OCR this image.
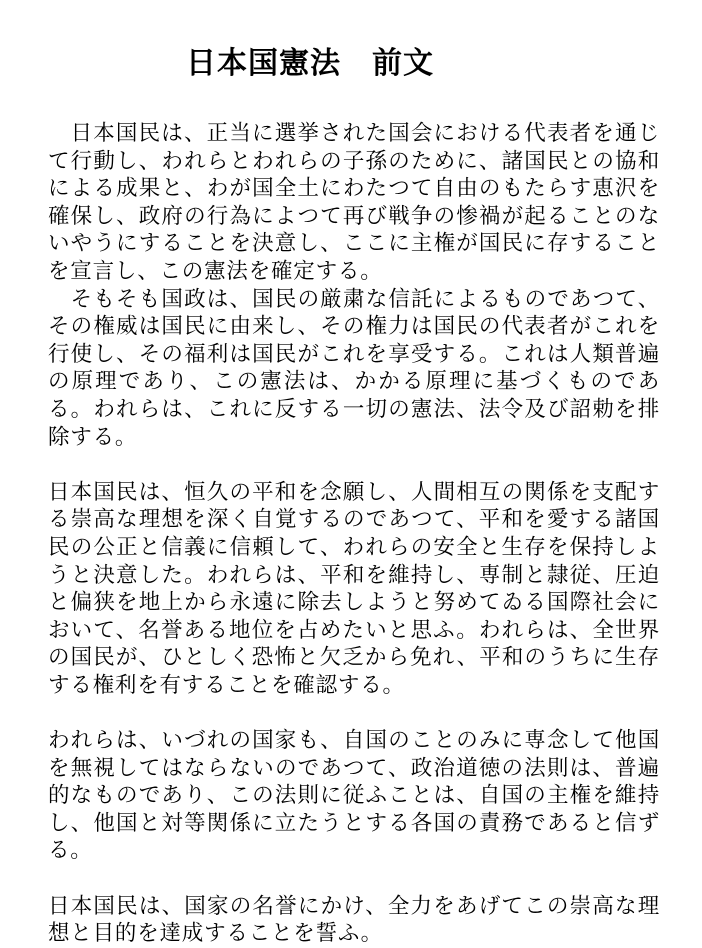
日本国憲法　前文

日本国民は、正当に選挙された国会における代表者を通じて行動し、われらとわれらの子孫のために、諸国民との協和による成果と、わが国全土にわたつて自由のもたらす恵沢を確保し、政府の行為によつて再び戦争の惨禍が起ることのないやうにすることを決意し、ここに主権が国民に存することを宣言し、この憲法を確定する。

そもそも国政は、国民の厳粛な信託によるものであつて、その権威は国民に由来し、その権力は国民の代表者がこれを行使し、その福利は国民がこれを享受する。これは人類普遍の原理であり、この憲法は、かかる原理に基づくものである。われらは、これに反する一切の憲法、法令及び詔勅を排除する。

日本国民は、恒久の平和を念願し、人間相互の関係を支配する崇高な理想を深く自覚するのであつて、平和を愛する諸国民の公正と信義に信頼して、われらの安全と生存を保持しようと決意した。われらは、平和を維持し、専制と隷従、圧迫と偏狭を地上から永遠に除去しようと努めてゐる国際社会において、名誉ある地位を占めたいと思ふ。われらは、全世界の国民が、ひとしく恐怖と欠乏から免れ、平和のうちに生存する権利を有することを確認する。

われらは、いづれの国家も、自国のことのみに専念して他国を無視してはならないのであつて、政治道徳の法則は、普遍的なものであり、この法則に従ふことは、自国の主権を維持し、他国と対等関係に立たうとする各国の責務であると信ずる。

日本国民は、国家の名誉にかけ、全力をあげてこの崇高な理想と目的を達成することを誓ふ。
